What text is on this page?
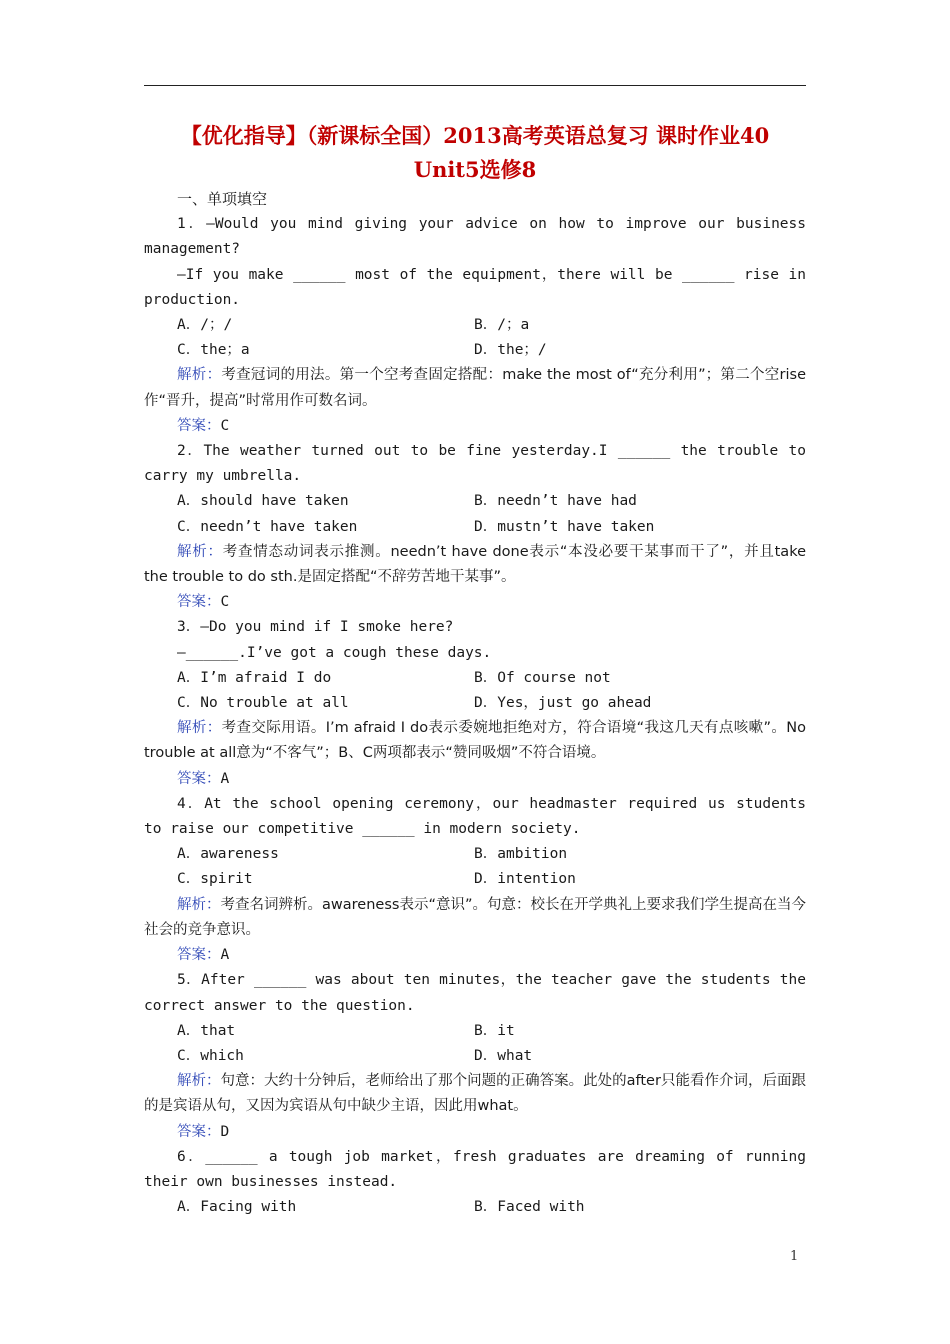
【优化指导】（新课标全国）2013高考英语总复习 课时作业40
Unit5选修8

一、单项填空

1．—Would you mind giving your advice on how to improve our business management?

—If you make ______ most of the equipment，there will be ______ rise in production.

A．/；/	B．/；a
C．the；a	D．the；/

解析：考查冠词的用法。第一个空考查固定搭配：make the most of“充分利用”；第二个空rise作“晋升，提高”时常用作可数名词。

答案：C

2．The weather turned out to be fine yesterday.I ______ the trouble to carry my umbrella.

A．should have taken	B．needn’t have had
C．needn’t have taken	D．mustn’t have taken

解析：考查情态动词表示推测。needn’t have done表示“本没必要干某事而干了”，并且take the trouble to do sth.是固定搭配“不辞劳苦地干某事”。

答案：C

3．—Do you mind if I smoke here?

—______.I’ve got a cough these days.

A．I’m afraid I do	B．Of course not
C．No trouble at all	D．Yes，just go ahead

解析：考查交际用语。I’m afraid I do表示委婉地拒绝对方，符合语境“我这几天有点咳嗽”。No trouble at all意为“不客气”；B、C两项都表示“赞同吸烟”不符合语境。

答案：A

4．At the school opening ceremony，our headmaster required us students to raise our competitive ______ in modern society.

A．awareness	B．ambition
C．spirit	D．intention

解析：考查名词辨析。awareness表示“意识”。句意：校长在开学典礼上要求我们学生提高在当今社会的竞争意识。

答案：A

5．After ______ was about ten minutes，the teacher gave the students the correct answer to the question.

A．that	B．it
C．which	D．what

解析：句意：大约十分钟后，老师给出了那个问题的正确答案。此处的after只能看作介词，后面跟的是宾语从句，又因为宾语从句中缺少主语，因此用what。

答案：D

6．______ a tough job market，fresh graduates are dreaming of running their own businesses instead.

A．Facing with	B．Faced with
1
